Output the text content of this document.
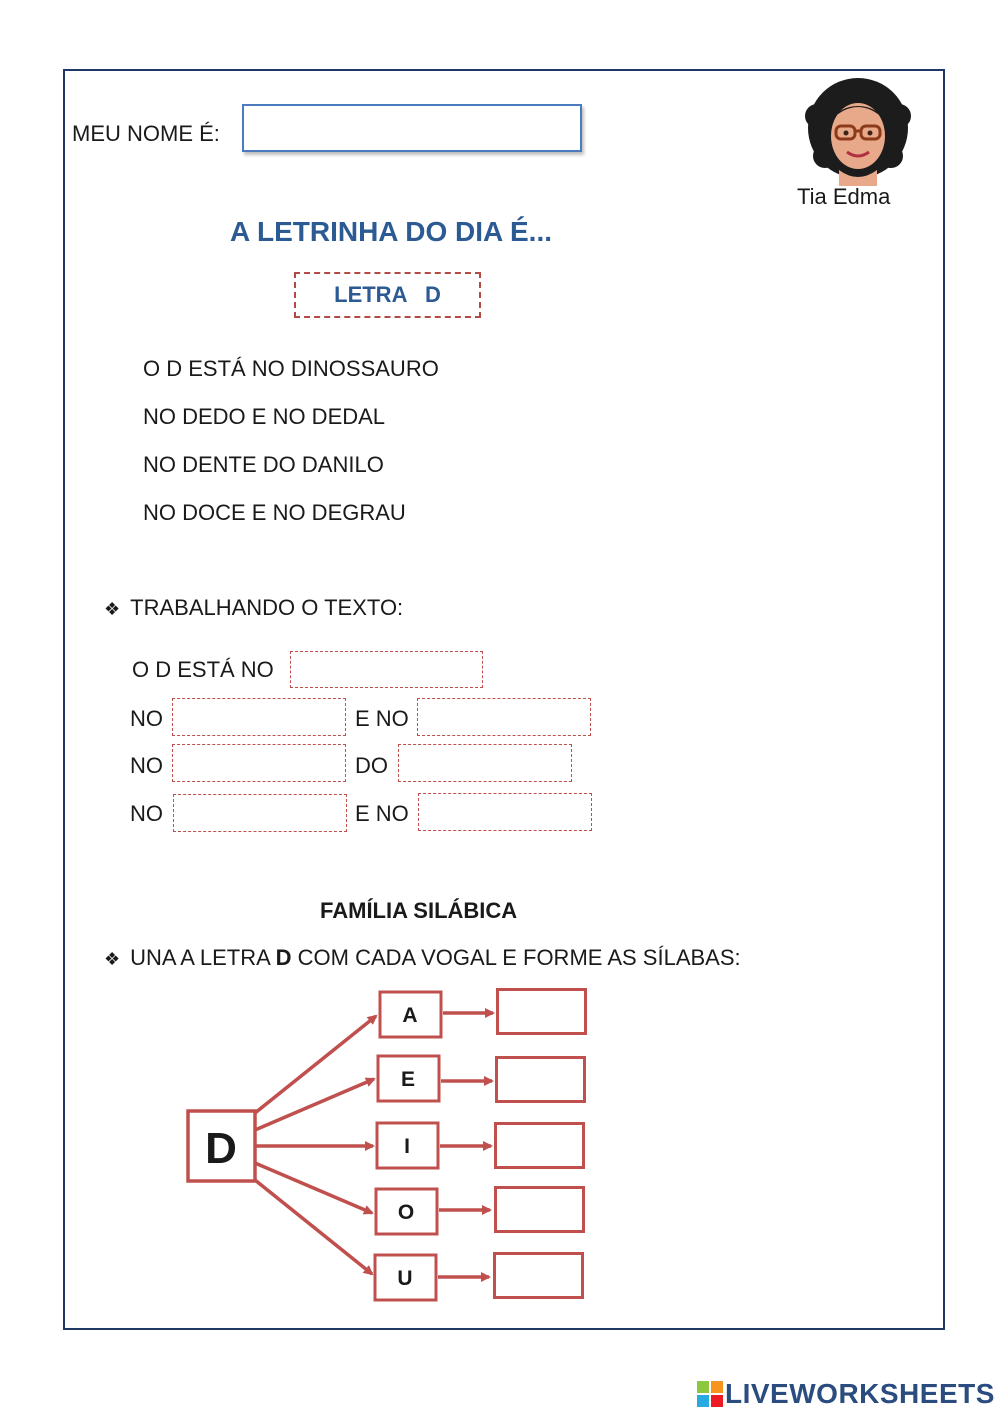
MEU NOME É:
Tia Edma
A LETRINHA DO DIA É...
LETRA   D
O D ESTÁ NO DINOSSAURO
NO DEDO E NO DEDAL
NO DENTE DO DANILO
NO DOCE E NO DEGRAU
❖ TRABALHANDO O TEXTO:
O D ESTÁ NO
NO	E NO
NO	DO
NO	E NO
FAMÍLIA SILÁBICA
❖ UNA A LETRA D COM CADA VOGAL E FORME AS SÍLABAS:
D
A
E
I
O
U
LIVEWORKSHEETS
